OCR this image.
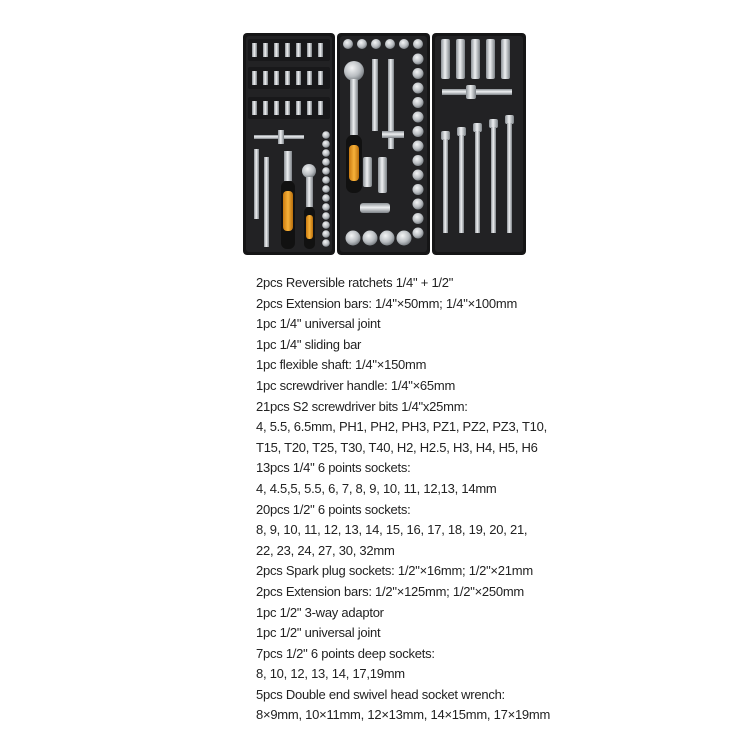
2pcs Reversible ratchets 1/4" + 1/2"
2pcs Extension bars: 1/4"×50mm; 1/4"×100mm
1pc 1/4" universal joint
1pc 1/4" sliding bar
1pc flexible shaft: 1/4"×150mm
1pc screwdriver handle: 1/4"×65mm
21pcs S2 screwdriver bits 1/4"x25mm:
4, 5.5, 6.5mm, PH1, PH2, PH3, PZ1, PZ2, PZ3, T10,
T15, T20, T25, T30, T40, H2, H2.5, H3, H4, H5, H6
13pcs 1/4" 6 points sockets:
4, 4.5,5, 5.5, 6, 7, 8, 9, 10, 11, 12,13, 14mm
20pcs 1/2" 6 points sockets:
8, 9, 10, 11, 12, 13, 14, 15, 16, 17, 18, 19, 20, 21,
22, 23, 24, 27, 30, 32mm
2pcs Spark plug sockets: 1/2"×16mm; 1/2"×21mm
2pcs Extension bars: 1/2"×125mm; 1/2"×250mm
1pc 1/2" 3-way adaptor
1pc 1/2" universal joint
7pcs 1/2" 6 points deep sockets:
8, 10, 12, 13, 14, 17,19mm
5pcs Double end swivel head socket wrench:
8×9mm, 10×11mm, 12×13mm, 14×15mm, 17×19mm
